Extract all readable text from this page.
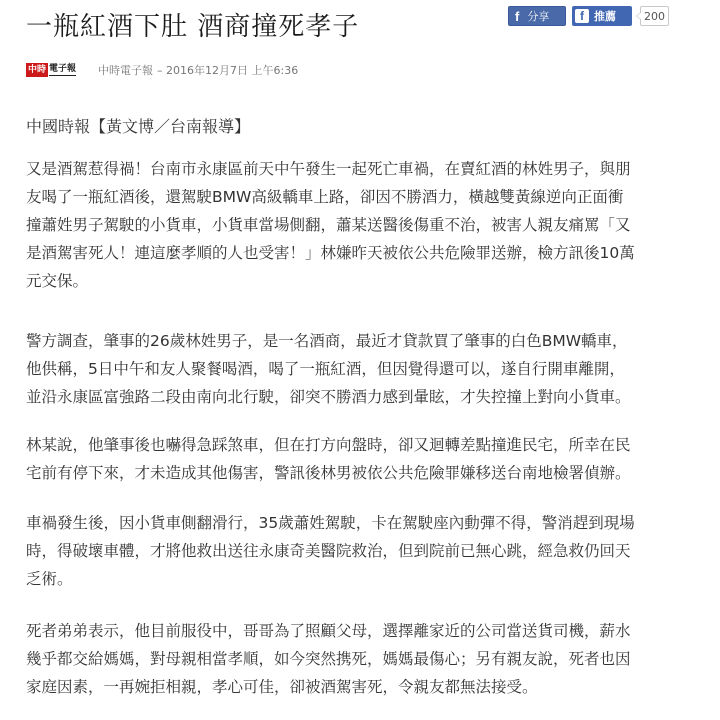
一瓶紅酒下肚 酒商撞死孝子	f 分享	f 推薦	200
中時 電子報 中時電子報 – 2016年12月7日 上午6:36

中國時報【黃文博／台南報導】

又是酒駕惹得禍！台南市永康區前天中午發生一起死亡車禍，在賣紅酒的林姓男子，與朋
友喝了一瓶紅酒後，還駕駛BMW高級轎車上路，卻因不勝酒力，橫越雙黃線逆向正面衝
撞蕭姓男子駕駛的小貨車，小貨車當場側翻，蕭某送醫後傷重不治，被害人親友痛罵「又
是酒駕害死人！連這麼孝順的人也受害！」林嫌昨天被依公共危險罪送辦，檢方訊後10萬
元交保。

警方調查，肇事的26歲林姓男子，是一名酒商，最近才貸款買了肇事的白色BMW轎車，
他供稱，5日中午和友人聚餐喝酒，喝了一瓶紅酒，但因覺得還可以，遂自行開車離開，
並沿永康區富強路二段由南向北行駛，卻突不勝酒力感到暈眩，才失控撞上對向小貨車。

林某說，他肇事後也嚇得急踩煞車，但在打方向盤時，卻又迴轉差點撞進民宅，所幸在民
宅前有停下來，才未造成其他傷害，警訊後林男被依公共危險罪嫌移送台南地檢署偵辦。

車禍發生後，因小貨車側翻滑行，35歲蕭姓駕駛，卡在駕駛座內動彈不得，警消趕到現場
時，得破壞車體，才將他救出送往永康奇美醫院救治，但到院前已無心跳，經急救仍回天
乏術。

死者弟弟表示，他目前服役中，哥哥為了照顧父母，選擇離家近的公司當送貨司機，薪水
幾乎都交給媽媽，對母親相當孝順，如今突然携死，媽媽最傷心；另有親友說，死者也因
家庭因素，一再婉拒相親，孝心可佳，卻被酒駕害死，令親友都無法接受。
